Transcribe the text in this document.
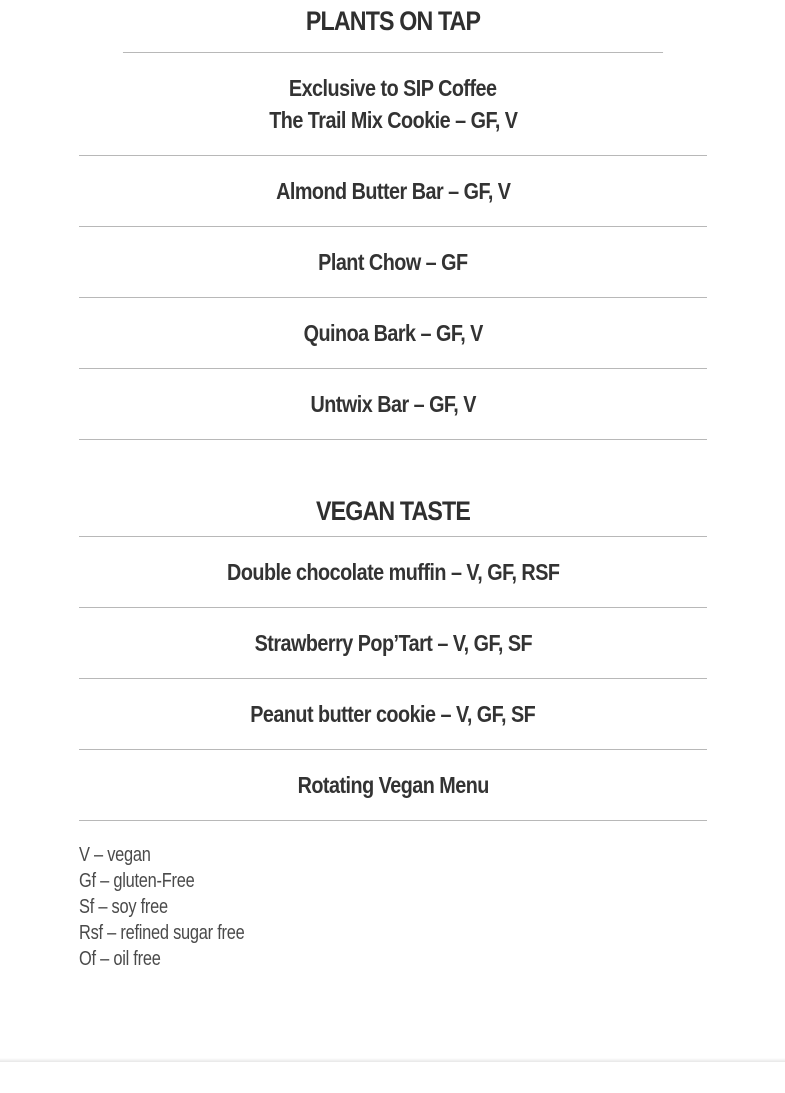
PLANTS ON TAP
Exclusive to SIP Coffee
The Trail Mix Cookie – GF, V
Almond Butter Bar – GF, V
Plant Chow – GF
Quinoa Bark – GF, V
Untwix Bar – GF, V
VEGAN TASTE
Double chocolate muffin – V, GF, RSF
Strawberry Pop’Tart – V, GF, SF
Peanut butter cookie – V, GF, SF
Rotating Vegan Menu
V – vegan
Gf – gluten-Free
Sf – soy free
Rsf – refined sugar free
Of – oil free
